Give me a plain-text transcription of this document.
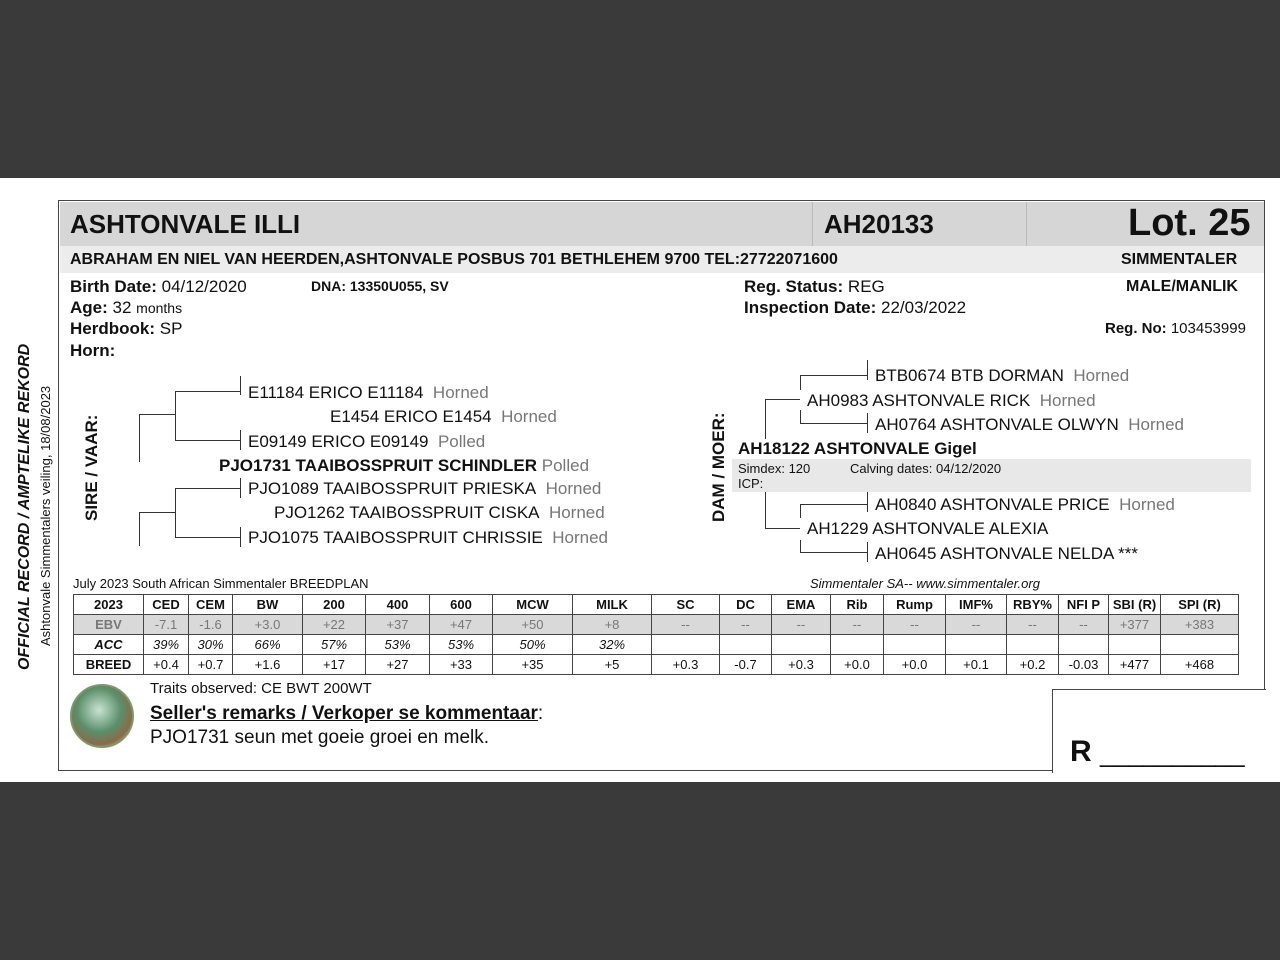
OFFICIAL RECORD / AMPTELIKE REKORD Ashtonvale Simmentalers veiling, 18/08/2023
ASHTONVALE ILLI	AH20133	Lot. 25
ABRAHAM EN NIEL VAN HEERDEN,ASHTONVALE POSBUS 701 BETHLEHEM 9700 TEL:27722071600	SIMMENTALER
Birth Date: 04/12/2020	DNA: 13350U055, SV
Age: 32 months
Herdbook: SP
Horn:
Reg. Status: REG
Inspection Date: 22/03/2022
MALE/MANLIK
Reg. No: 103453999
SIRE / VAAR:
E11184 ERICO E11184 Horned
E1454 ERICO E1454 Horned
E09149 ERICO E09149 Polled
PJO1731 TAAIBOSSPRUIT SCHINDLER Polled
PJO1089 TAAIBOSSPRUIT PRIESKA Horned
PJO1262 TAAIBOSSPRUIT CISKA Horned
PJO1075 TAAIBOSSPRUIT CHRISSIE Horned
DAM / MOER:
BTB0674 BTB DORMAN Horned
AH0983 ASHTONVALE RICK Horned
AH0764 ASHTONVALE OLWYN Horned
AH18122 ASHTONVALE Gigel
Simdex: 120	Calving dates: 04/12/2020
ICP:
AH0840 ASHTONVALE PRICE Horned
AH1229 ASHTONVALE ALEXIA
AH0645 ASHTONVALE NELDA ***
July 2023 South African Simmentaler BREEDPLAN	Simmentaler SA-- www.simmentaler.org
2023	CED	CEM	BW	200	400	600	MCW	MILK	SC	DC	EMA	Rib	Rump	IMF%	RBY%	NFI P	SBI (R)	SPI (R)
EBV	-7.1	-1.6	+3.0	+22	+37	+47	+50	+8	--	--	--	--	--	--	--	--	+377	+383
ACC	39%	30%	66%	57%	53%	53%	50%	32%										
BREED	+0.4	+0.7	+1.6	+17	+27	+33	+35	+5	+0.3	-0.7	+0.3	+0.0	+0.0	+0.1	+0.2	-0.03	+477	+468
Traits observed: CE BWT 200WT
Seller's remarks / Verkoper se kommentaar:
PJO1731 seun met goeie groei en melk.	R __________
